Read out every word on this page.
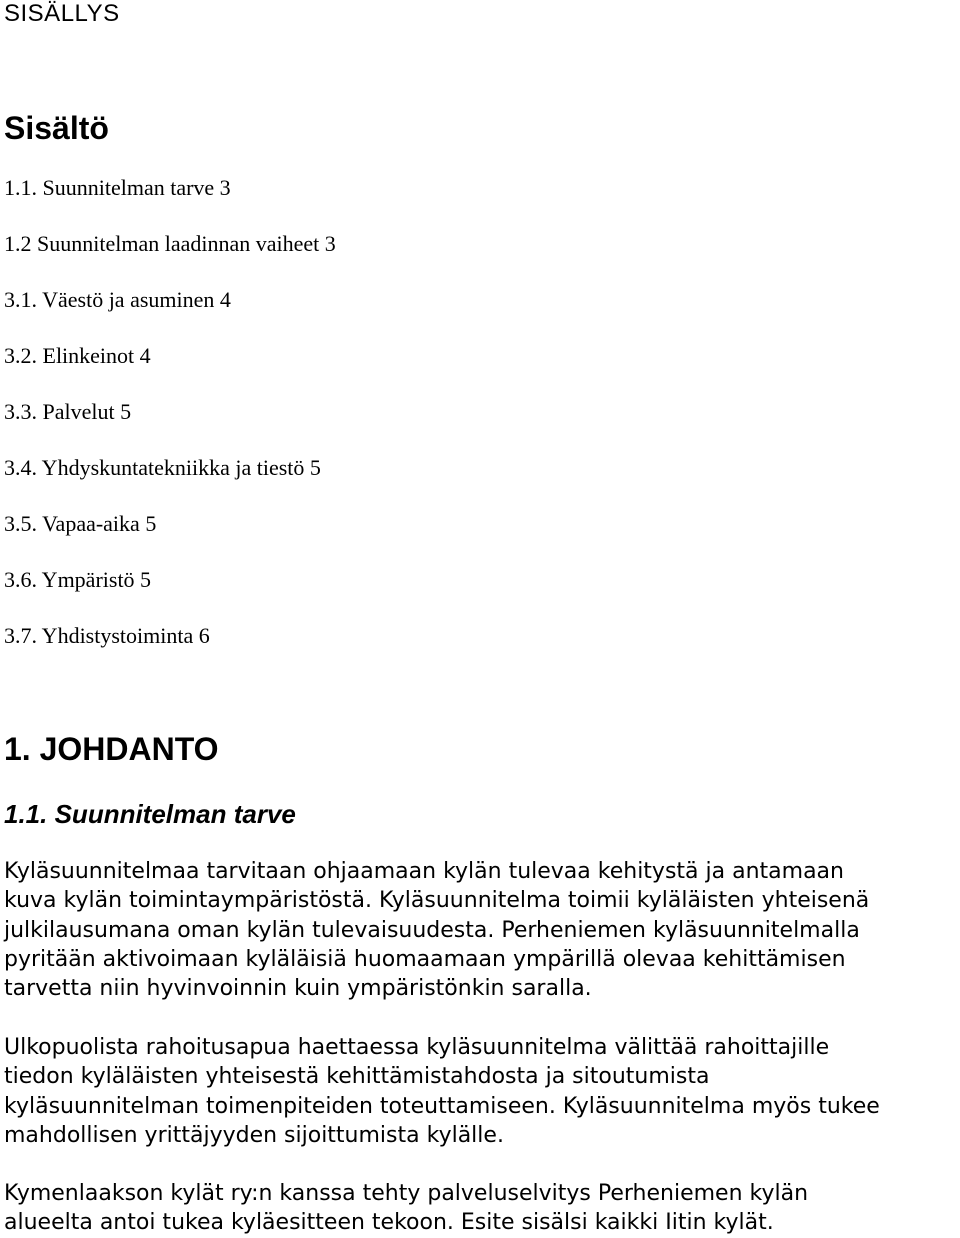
SISÄLLYS
Sisältö
1.1. Suunnitelman tarve 3
1.2 Suunnitelman laadinnan vaiheet 3
3.1. Väestö ja asuminen 4
3.2. Elinkeinot 4
3.3. Palvelut 5
3.4. Yhdyskuntatekniikka ja tiestö 5
3.5. Vapaa-aika 5
3.6. Ympäristö 5
3.7. Yhdistystoiminta 6
1. JOHDANTO
1.1. Suunnitelman tarve

Kyläsuunnitelmaa tarvitaan ohjaamaan kylän tulevaa kehitystä ja antamaan
kuva kylän toimintaympäristöstä. Kyläsuunnitelma toimii kyläläisten yhteisenä
julkilausumana oman kylän tulevaisuudesta. Perheniemen kyläsuunnitelmalla
pyritään aktivoimaan kyläläisiä huomaamaan ympärillä olevaa kehittämisen
tarvetta niin hyvinvoinnin kuin ympäristönkin saralla.

Ulkopuolista rahoitusapua haettaessa kyläsuunnitelma välittää rahoittajille
tiedon kyläläisten yhteisestä kehittämistahdosta ja sitoutumista
kyläsuunnitelman toimenpiteiden toteuttamiseen. Kyläsuunnitelma myös tukee
mahdollisen yrittäjyyden sijoittumista kylälle.

Kymenlaakson kylät ry:n kanssa tehty palveluselvitys Perheniemen kylän
alueelta antoi tukea kyläesitteen tekoon. Esite sisälsi kaikki Iitin kylät.
